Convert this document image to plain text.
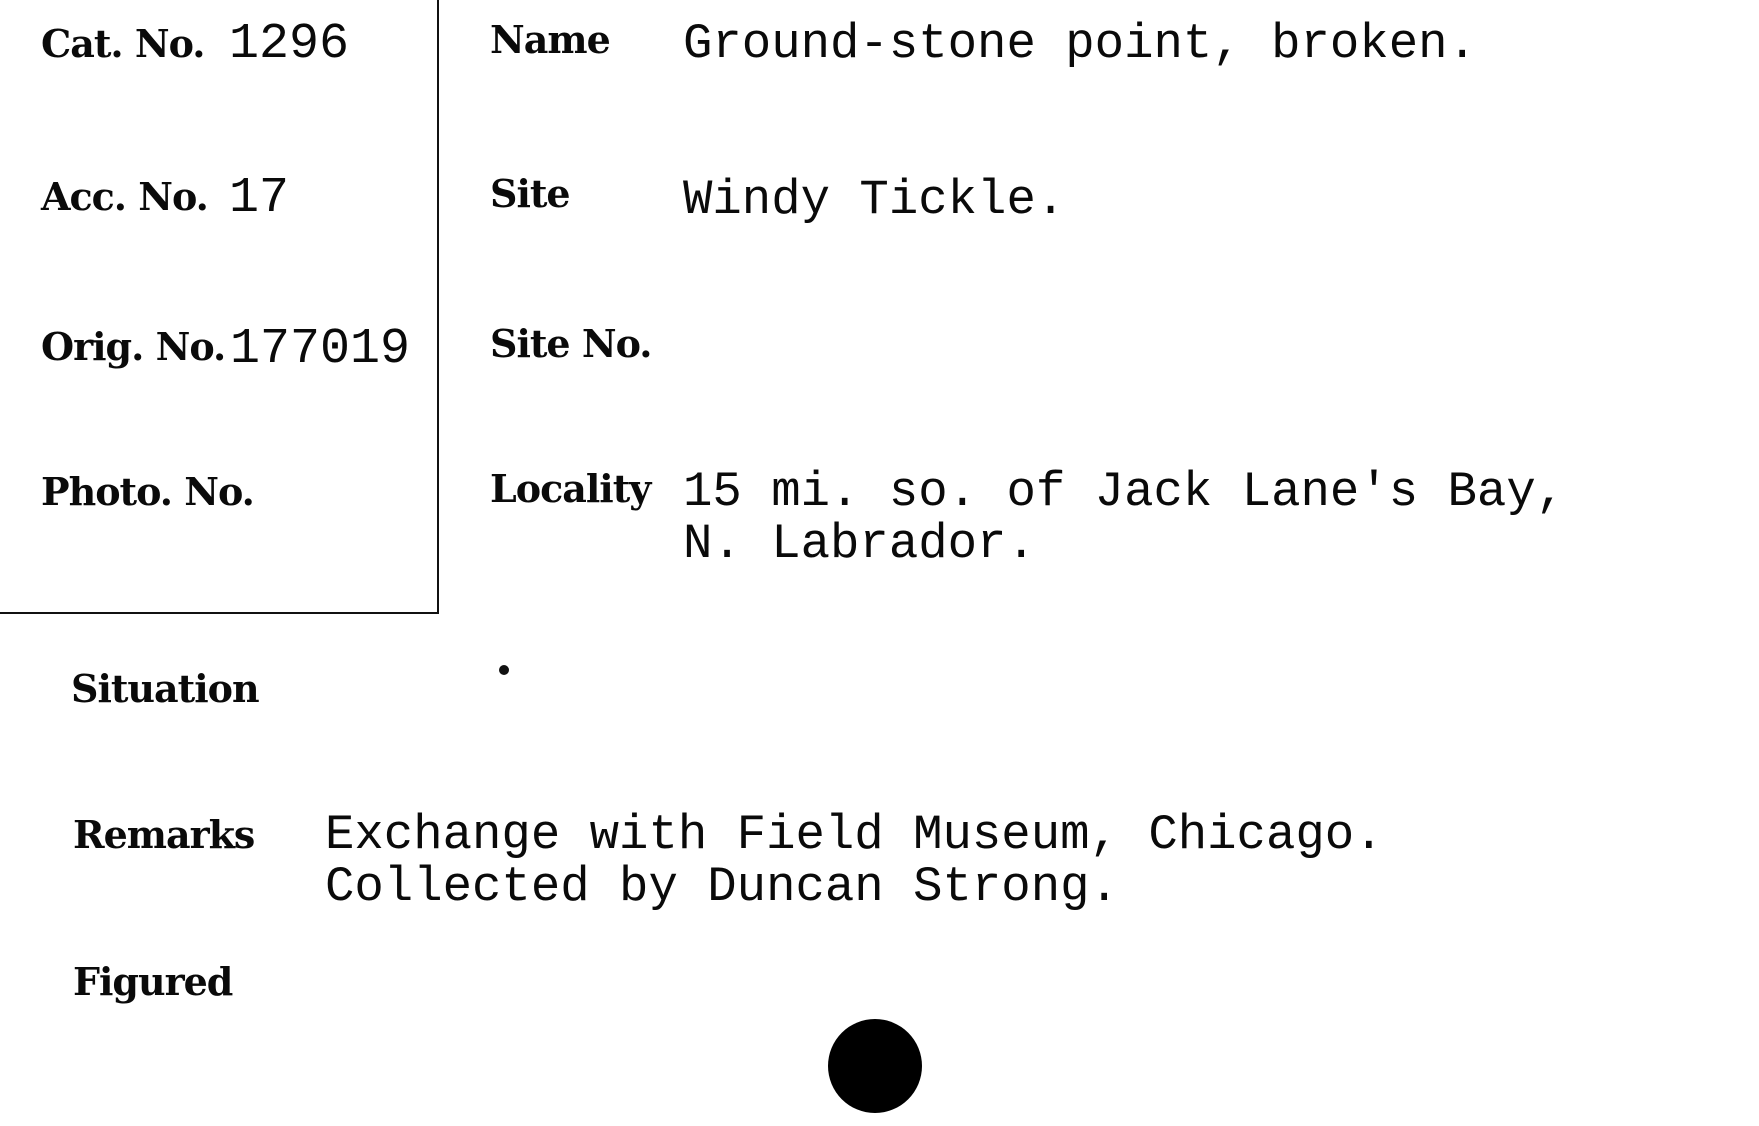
Cat. No. 1296
Acc. No. 17
Orig. No. 177019
Photo. No.
Name Ground-stone point, broken.
Site Windy Tickle.
Site No.
Locality 15 mi. so. of Jack Lane's Bay,
N. Labrador.
Situation
Remarks Exchange with Field Museum, Chicago.
Collected by Duncan Strong.
Figured
